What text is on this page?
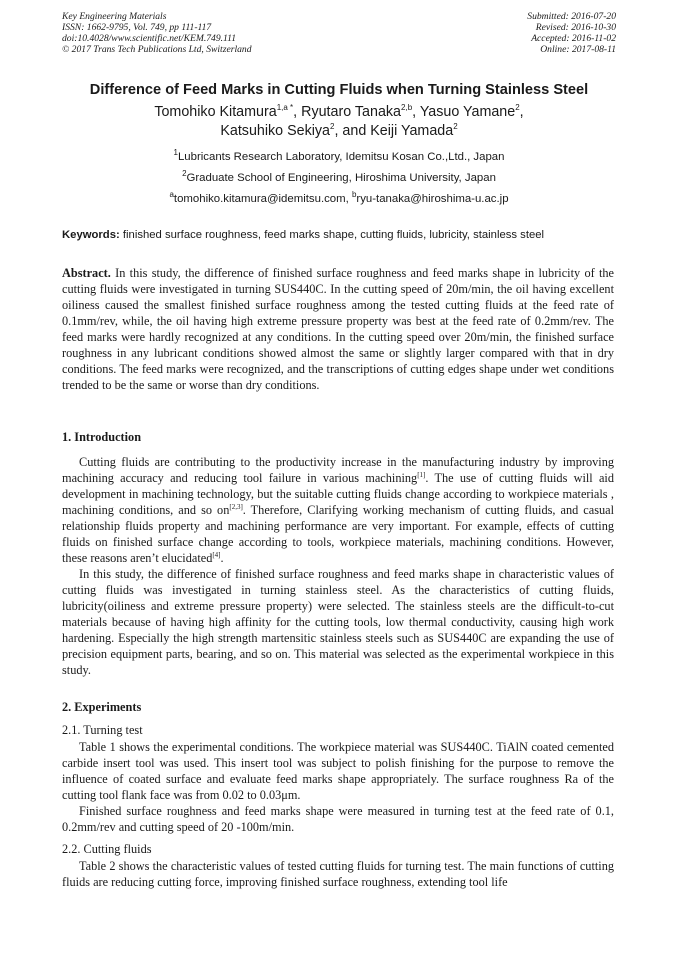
Key Engineering Materials
ISSN: 1662-9795, Vol. 749, pp 111-117
doi:10.4028/www.scientific.net/KEM.749.111
© 2017 Trans Tech Publications Ltd, Switzerland
Submitted: 2016-07-20
Revised: 2016-10-30
Accepted: 2016-11-02
Online: 2017-08-11
Difference of Feed Marks in Cutting Fluids when Turning Stainless Steel
Tomohiko Kitamura$^{1,a *}$, Ryutaro Tanaka$^{2,b}$, Yasuo Yamane$^2$,
Katsuhiko Sekiya$^2$, and Keiji Yamada$^2$
$^1$Lubricants Research Laboratory, Idemitsu Kosan Co.,Ltd., Japan
$^2$Graduate School of Engineering, Hiroshima University, Japan
$^a$tomohiko.kitamura@idemitsu.com, $^b$ryu-tanaka@hiroshima-u.ac.jp
Keywords: finished surface roughness, feed marks shape, cutting fluids, lubricity, stainless steel
Abstract. In this study, the difference of finished surface roughness and feed marks shape in lubricity of the cutting fluids were investigated in turning SUS440C. In the cutting speed of 20m/min, the oil having excellent oiliness caused the smallest finished surface roughness among the tested cutting fluids at the feed rate of 0.1mm/rev, while, the oil having high extreme pressure property was best at the feed rate of 0.2mm/rev. The feed marks were hardly recognized at any conditions. In the cutting speed over 20m/min, the finished surface roughness in any lubricant conditions showed almost the same or slightly larger compared with that in dry conditions. The feed marks were recognized, and the transcriptions of cutting edges shape under wet conditions trended to be the same or worse than dry conditions.
1. Introduction

Cutting fluids are contributing to the productivity increase in the manufacturing industry by improving machining accuracy and reducing tool failure in various machining[1]. The use of cutting fluids will aid development in machining technology, but the suitable cutting fluids change according to workpiece materials , machining conditions, and so on[2,3]. Therefore, Clarifying working mechanism of cutting fluids, and casual relationship fluids property and machining performance are very important. For example, effects of cutting fluids on finished surface change according to tools, workpiece materials, machining conditions. However, these reasons aren’t elucidated[4].

In this study, the difference of finished surface roughness and feed marks shape in characteristic values of cutting fluids was investigated in turning stainless steel. As the characteristics of cutting fluids, lubricity(oiliness and extreme pressure property) were selected. The stainless steels are the difficult-to-cut materials because of having high affinity for the cutting tools, low thermal conductivity, causing high work hardening. Especially the high strength martensitic stainless steels such as SUS440C are expanding the use of precision equipment parts, bearing, and so on. This material was selected as the experimental workpiece in this study.

2. Experiments
2.1. Turning test

Table 1 shows the experimental conditions. The workpiece material was SUS440C. TiAlN coated cemented carbide insert tool was used. This insert tool was subject to polish finishing for the purpose to remove the influence of coated surface and evaluate feed marks shape appropriately. The surface roughness Ra of the cutting tool flank face was from 0.02 to 0.03μm.

Finished surface roughness and feed marks shape were measured in turning test at the feed rate of 0.1, 0.2mm/rev and cutting speed of 20 -100m/min.

2.2. Cutting fluids

Table 2 shows the characteristic values of tested cutting fluids for turning test. The main functions of cutting fluids are reducing cutting force, improving finished surface roughness, extending tool life
